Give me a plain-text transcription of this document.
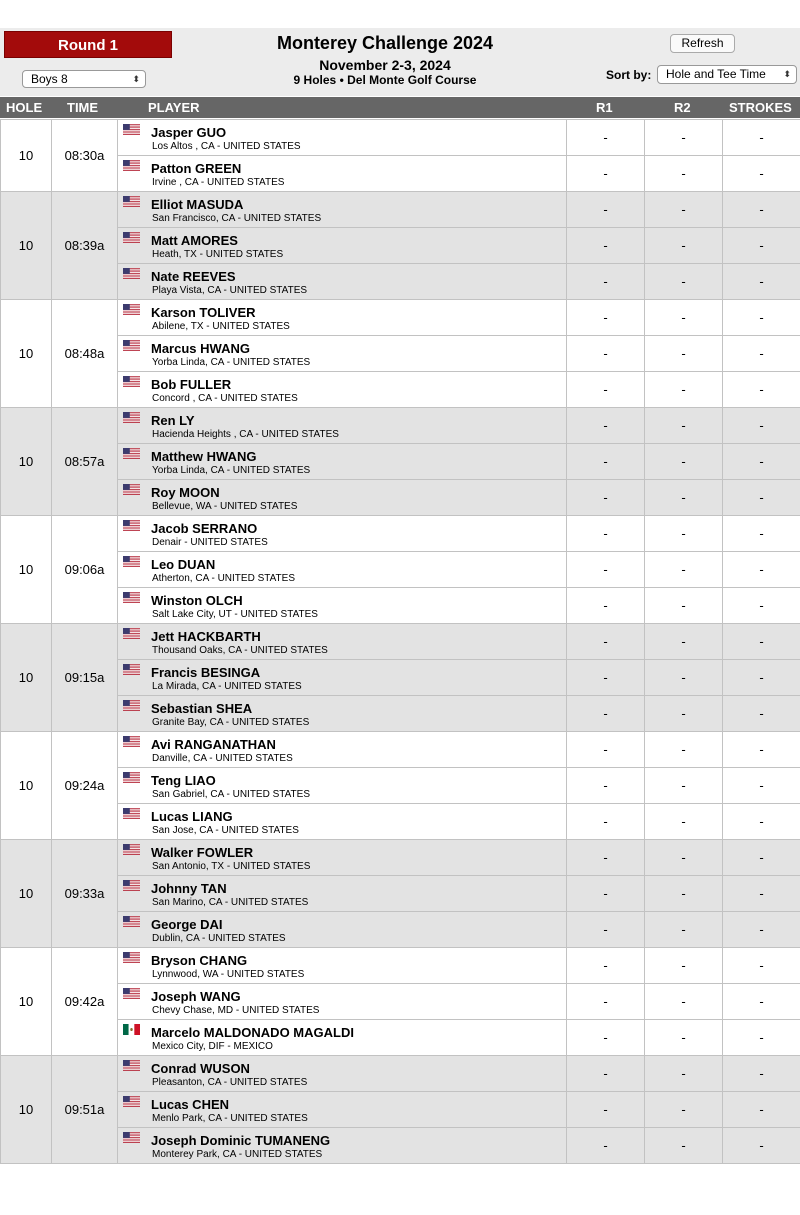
Round 1
Boys 8	⬍
Monterey Challenge 2024
November 2-3, 2024
9 Holes • Del Monte Golf Course
Refresh
Sort by:	Hole and Tee Time ⬍
HOLE TIME	PLAYER	R1	R2	STROKES
10	08:30a	Jasper GUO
Los Altos , CA - UNITED STATES	-	-	-

		Patton GREEN
Irvine , CA - UNITED STATES	-	-	-
10	08:39a	Elliot MASUDA
San Francisco, CA - UNITED STATES	-	-	-

		Matt AMORES
Heath, TX - UNITED STATES	-	-	-

		Nate REEVES
Playa Vista, CA - UNITED STATES	-	-	-
10	08:48a	Karson TOLIVER
Abilene, TX - UNITED STATES	-	-	-

		Marcus HWANG
Yorba Linda, CA - UNITED STATES	-	-	-

		Bob FULLER
Concord , CA - UNITED STATES	-	-	-
10	08:57a	Ren LY
Hacienda Heights , CA - UNITED STATES	-	-	-

		Matthew HWANG
Yorba Linda, CA - UNITED STATES	-	-	-

		Roy MOON
Bellevue, WA - UNITED STATES	-	-	-
10	09:06a	Jacob SERRANO
Denair - UNITED STATES	-	-	-

		Leo DUAN
Atherton, CA - UNITED STATES	-	-	-

		Winston OLCH
Salt Lake City, UT - UNITED STATES	-	-	-
10	09:15a	Jett HACKBARTH
Thousand Oaks, CA - UNITED STATES	-	-	-

		Francis BESINGA
La Mirada, CA - UNITED STATES	-	-	-

		Sebastian SHEA
Granite Bay, CA - UNITED STATES	-	-	-
10	09:24a	Avi RANGANATHAN
Danville, CA - UNITED STATES	-	-	-

		Teng LIAO
San Gabriel, CA - UNITED STATES	-	-	-

		Lucas LIANG
San Jose, CA - UNITED STATES	-	-	-
10	09:33a	Walker FOWLER
San Antonio, TX - UNITED STATES	-	-	-

		Johnny TAN
San Marino, CA - UNITED STATES	-	-	-

		George DAI
Dublin, CA - UNITED STATES	-	-	-
10	09:42a	Bryson CHANG
Lynnwood, WA - UNITED STATES	-	-	-

		Joseph WANG
Chevy Chase, MD - UNITED STATES	-	-	-

		Marcelo MALDONADO MAGALDI
Mexico City, DIF - MEXICO	-	-	-
10	09:51a	Conrad WUSON
Pleasanton, CA - UNITED STATES	-	-	-

		Lucas CHEN
Menlo Park, CA - UNITED STATES	-	-	-

		Joseph Dominic TUMANENG
Monterey Park, CA - UNITED STATES	-	-	-
